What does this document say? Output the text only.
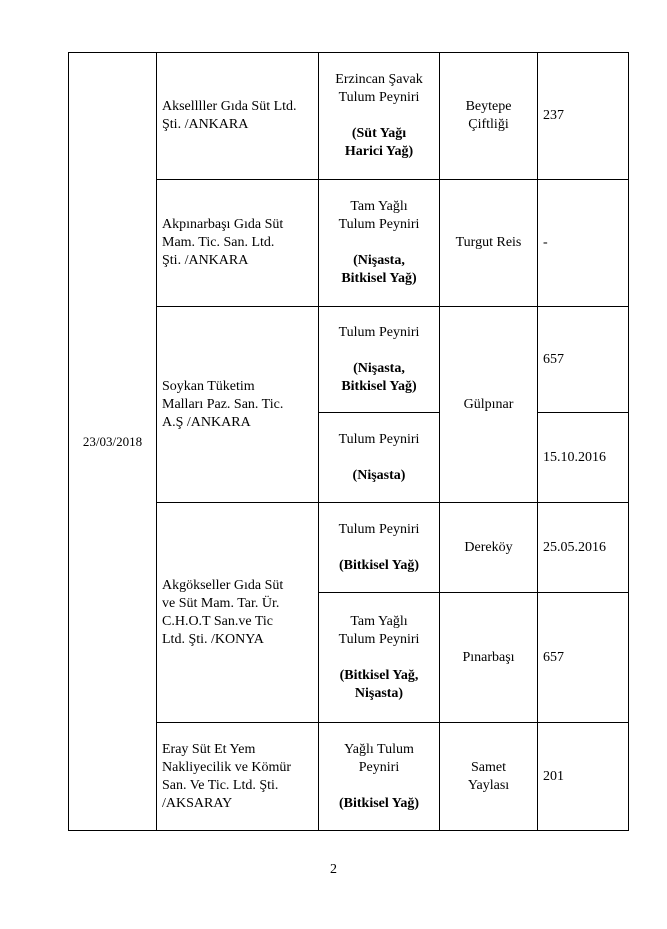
23/03/2018	Aksellller Gıda Süt Ltd.
Şti. /ANKARA	Erzincan Şavak
Tulum Peyniri
(Süt Yağı
Harici Yağ)	Beytepe
Çiftliği	237

	Akpınarbaşı Gıda Süt
Mam. Tic. San. Ltd.
Şti. /ANKARA	Tam Yağlı
Tulum Peyniri
(Nişasta,
Bitkisel Yağ)	Turgut Reis	-

	Soykan Tüketim
Malları Paz. San. Tic.
A.Ş /ANKARA	Tulum Peyniri
(Nişasta,
Bitkisel Yağ)	Gülpınar	657

		Tulum Peyniri
(Nişasta)		15.10.2016

	Akgökseller Gıda Süt
ve Süt Mam. Tar. Ür.
C.H.O.T San.ve Tic
Ltd. Şti. /KONYA	Tulum Peyniri
(Bitkisel Yağ)	Dereköy	25.05.2016

		Tam Yağlı
Tulum Peyniri
(Bitkisel Yağ,
Nişasta)	Pınarbaşı	657

	Eray Süt Et Yem
Nakliyecilik ve Kömür
San. Ve Tic. Ltd. Şti.
/AKSARAY	Yağlı Tulum
Peyniri
(Bitkisel Yağ)	Samet
Yaylası	201
2
